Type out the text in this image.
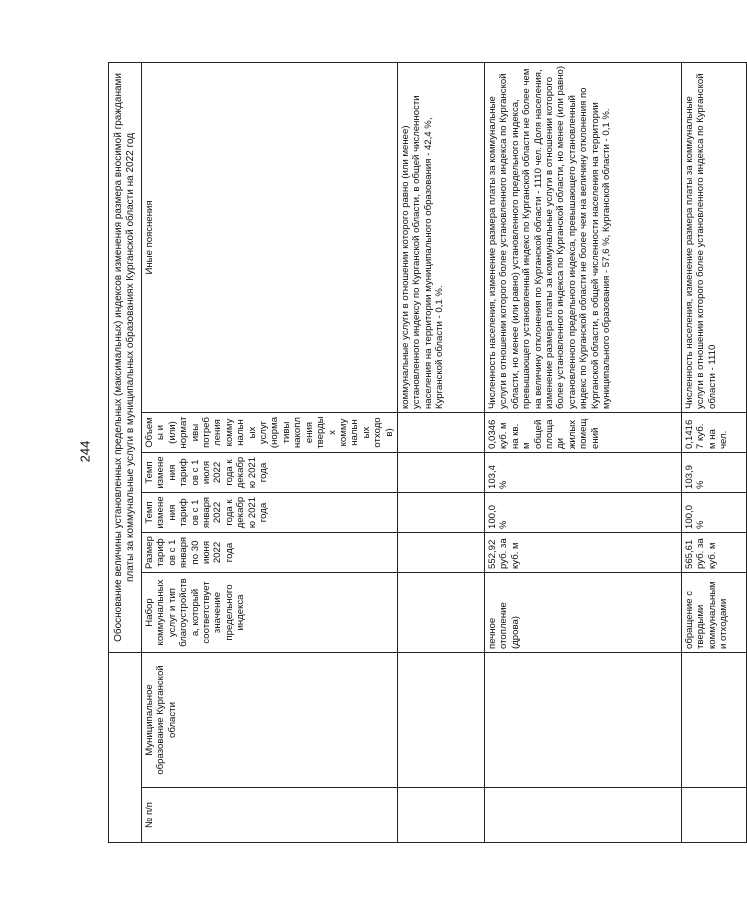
244
		Обоснование величины установленных предельных (максимальных) индексов изменения размера вносимой гражданами платы за коммунальные услуги в муниципальных образованиях Курганской области на 2022 год					
№ п/п	Муниципальное образование Курганской области	Набор коммунальных услуг и тип благоустройства, который соответствует значение предельного индекса	Размер тарифов с 1 января по 30 июня 2022 года	Темп изменения тарифов с 1 января 2022 года к декабрю 2021 года	Темп изменения тарифов с 1 июля 2022 года к декабрю 2021 года	Объемы и (или) нормативы потребления коммунальных услуг (нормативы накопления твердых коммунальных отходов)	Иные пояснения
							коммунальные услуги в отношении которого равно (или менее) установленного индексу по Курганской области, в общей численности населения на территории муниципального образования - 42,4 %, Курганской области - 0,1 %.
		печное отопление (дрова)	552,92 руб. за куб. м	100,0 %	103,4 %	0,0346 куб. м на кв. м общей площади жилых помещений	Численность населения, изменение размера платы за коммунальные услуги в отношении которого более установленного индекса по Курганской области, но менее (или равно) установленного предельного индекса, превышающего установленный индекс по Курганской области не более чем на величину отклонения по Курганской области - 1110 чел. Доля населения, изменение размера платы за коммунальные услуги в отношении которого более установленного индекса по Курганской области, но менее (или равно) установленного предельного индекса, превышающего установленный индекс по Курганской области не более чем на величину отклонения по Курганской области, в общей численности населения на территории муниципального образования - 57,6 %, Курганской области - 0,1 %.
		обращение с твердыми коммунальными отходами	565,61 руб. за куб. м	100,0 %	103,9 %	0,14167 куб. м на чел.	Численность населения, изменение размера платы за коммунальные услуги в отношении которого более установленного индекса по Курганской области - 1110
